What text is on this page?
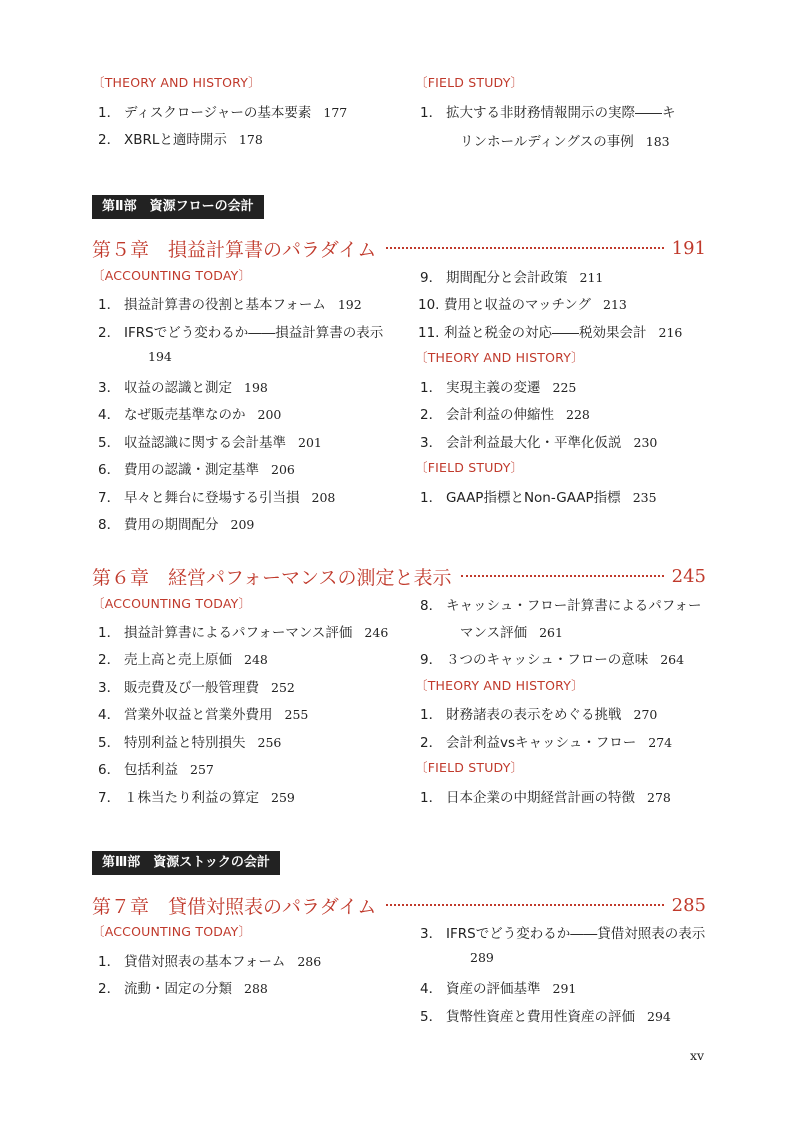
〔THEORY AND HISTORY〕
1． ディスクロージャーの基本要素 177
2． XBRLと適時開示 178
〔FIELD STUDY〕
1． 拡大する非財務情報開示の実際――キ
リンホールディングスの事例 183
第Ⅱ部　資源フローの会計
第５章　損益計算書のパラダイム	191
〔ACCOUNTING TODAY〕
1． 損益計算書の役割と基本フォーム 192
2． IFRSでどう変わるか――損益計算書の表示
194
3． 収益の認識と測定 198
4． なぜ販売基準なのか 200
5． 収益認識に関する会計基準 201
6． 費用の認識・測定基準 206
7． 早々と舞台に登場する引当損 208
8． 費用の期間配分 209
9． 期間配分と会計政策 211
10. 費用と収益のマッチング 213
11. 利益と税金の対応――税効果会計 216
〔THEORY AND HISTORY〕
1． 実現主義の変遷 225
2． 会計利益の伸縮性 228
3． 会計利益最大化・平準化仮説 230
〔FIELD STUDY〕
1． GAAP指標とNon-GAAP指標 235
第６章　経営パフォーマンスの測定と表示	245
〔ACCOUNTING TODAY〕
1． 損益計算書によるパフォーマンス評価 246
2． 売上高と売上原価 248
3． 販売費及び一般管理費 252
4． 営業外収益と営業外費用 255
5． 特別利益と特別損失 256
6． 包括利益 257
7． １株当たり利益の算定 259
8． キャッシュ・フロー計算書によるパフォー
マンス評価 261
9． ３つのキャッシュ・フローの意味 264
〔THEORY AND HISTORY〕
1． 財務諸表の表示をめぐる挑戦 270
2． 会計利益vsキャッシュ・フロー 274
〔FIELD STUDY〕
1． 日本企業の中期経営計画の特徴 278
第Ⅲ部　資源ストックの会計
第７章　貸借対照表のパラダイム	285
〔ACCOUNTING TODAY〕
1． 貸借対照表の基本フォーム 286
2． 流動・固定の分類 288
3． IFRSでどう変わるか――貸借対照表の表示
289
4． 資産の評価基準 291
5． 貨幣性資産と費用性資産の評価 294
xv
